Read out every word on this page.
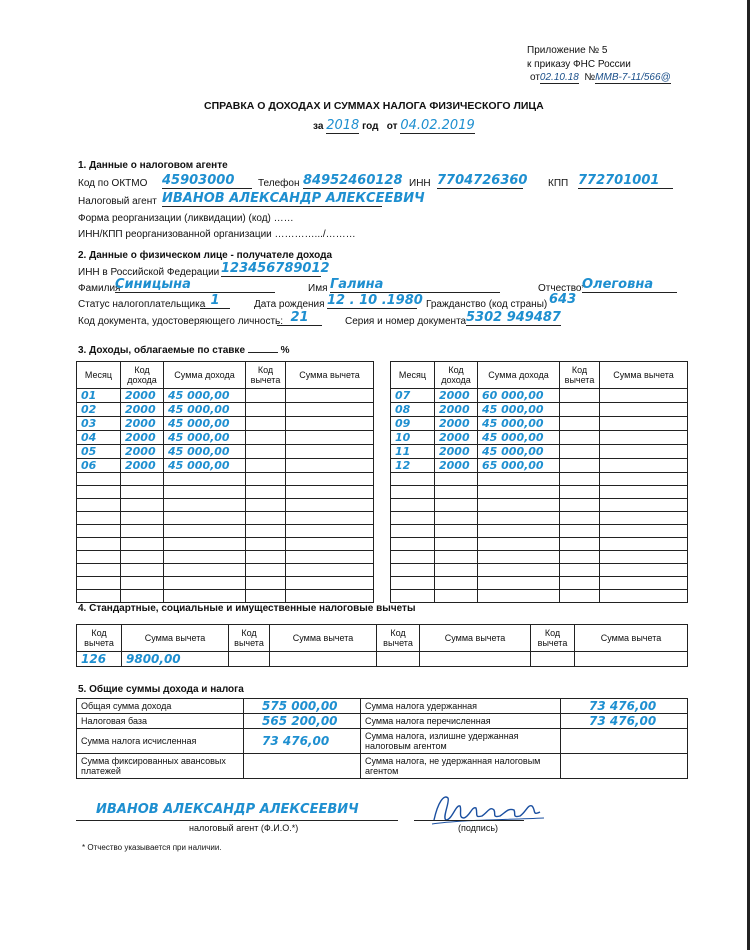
Приложение № 5
к приказу ФНС России
от02.10.18 №ММВ-7-11/566@
СПРАВКА О ДОХОДАХ И СУММАХ НАЛОГА ФИЗИЧЕСКОГО ЛИЦА
за 2018 год от 04.02.2019
1. Данные о налоговом агенте
Код по ОКТМО 45903000	Телефон 84952460128 ИНН 7704726360 КПП 772701001
Налоговый агент ИВАНОВ АЛЕКСАНДР АЛЕКСЕЕВИЧ
Форма реорганизации (ликвидации) (код) ……
ИНН/КПП реорганизованной организации ………….../………
2. Данные о физическом лице - получателе дохода
ИНН в Российской Федерации 123456789012
Фамилия
Синицына	Имя Галина	Отчество*
Олеговна
Статус налогоплательщика 1	Дата рождения 12 . 10 .1980 Гражданство (код страны) 643
Код документа, удостоверяющего личность: 21	Серия и номер документа 5302 949487
3. Доходы, облагаемые по ставке	%
Месяц	Код дохода	Сумма дохода	Код вычета	Сумма вычета
01	2000	45 000,00		
02	2000	45 000,00		
03	2000	45 000,00		
04	2000	45 000,00		
05	2000	45 000,00		
06	2000	45 000,00		

Месяц	Код дохода	Сумма дохода	Код вычета	Сумма вычета
07	2000	60 000,00		
08	2000	45 000,00		
09	2000	45 000,00		
10	2000	45 000,00		
11	2000	45 000,00		
12	2000	65 000,00		

4. Стандартные, социальные и имущественные налоговые вычеты
Код вычета	Сумма вычета	Код вычета	Сумма вычета	Код вычета	Сумма вычета	Код вычета	Сумма вычета
126	9800,00						
5. Общие суммы дохода и налога
Общая сумма дохода	575 000,00	Сумма налога удержанная	73 476,00
Налоговая база	565 200,00	Сумма налога перечисленная	73 476,00
Сумма налога исчисленная	73 476,00	Сумма налога, излишне удержанная налоговым агентом	
Сумма фиксированных авансовых платежей		Сумма налога, не удержанная налоговым агентом	
ИВАНОВ АЛЕКСАНДР АЛЕКСЕЕВИЧ
налоговый агент (Ф.И.О.*)	(подпись)
* Отчество указывается при наличии.
